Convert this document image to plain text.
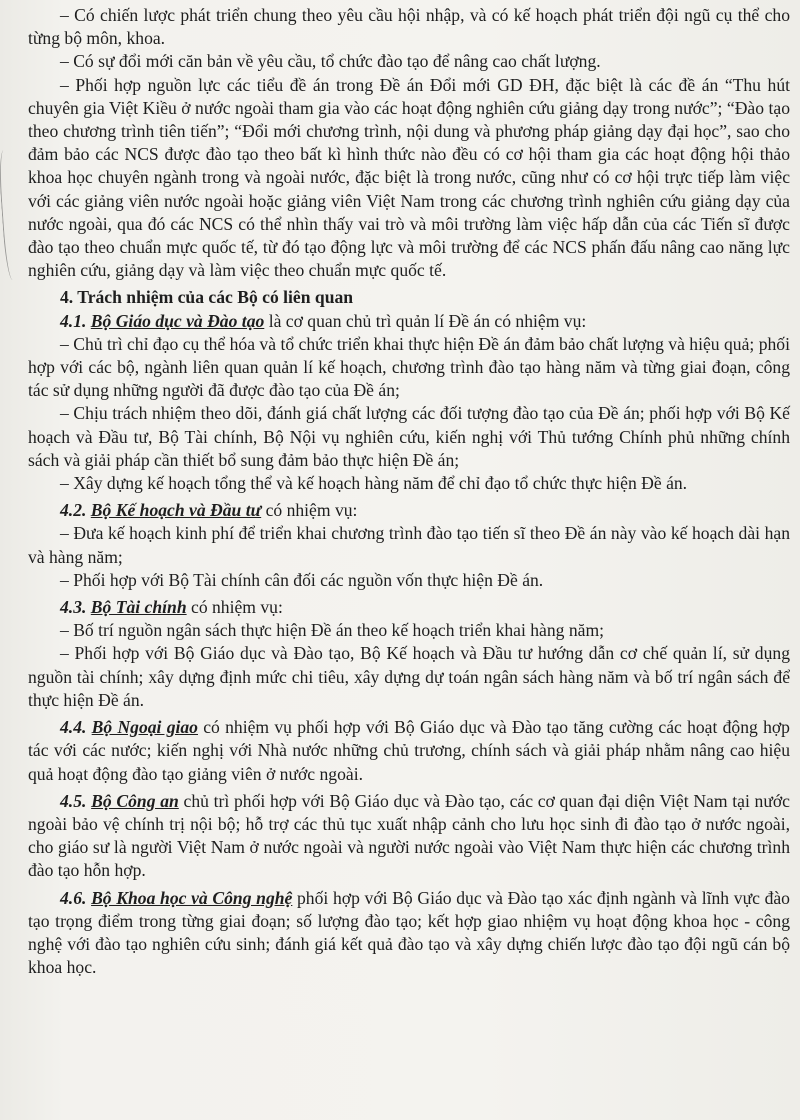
– Có chiến lược phát triển chung theo yêu cầu hội nhập, và có kế hoạch phát triển đội ngũ cụ thể cho từng bộ môn, khoa.

– Có sự đổi mới căn bản về yêu cầu, tổ chức đào tạo để nâng cao chất lượng.

– Phối hợp nguồn lực các tiểu đề án trong Đề án Đổi mới GD ĐH, đặc biệt là các đề án “Thu hút chuyên gia Việt Kiều ở nước ngoài tham gia vào các hoạt động nghiên cứu giảng dạy trong nước”; “Đào tạo theo chương trình tiên tiến”; “Đổi mới chương trình, nội dung và phương pháp giảng dạy đại học”, sao cho đảm bảo các NCS được đào tạo theo bất kì hình thức nào đều có cơ hội tham gia các hoạt động hội thảo khoa học chuyên ngành trong và ngoài nước, đặc biệt là trong nước, cũng như có cơ hội trực tiếp làm việc với các giảng viên nước ngoài hoặc giảng viên Việt Nam trong các chương trình nghiên cứu giảng dạy của nước ngoài, qua đó các NCS có thể nhìn thấy vai trò và môi trường làm việc hấp dẫn của các Tiến sĩ được đào tạo theo chuẩn mực quốc tế, từ đó tạo động lực và môi trường để các NCS phấn đấu nâng cao năng lực nghiên cứu, giảng dạy và làm việc theo chuẩn mực quốc tế.

4. Trách nhiệm của các Bộ có liên quan

4.1. Bộ Giáo dục và Đào tạo là cơ quan chủ trì quản lí Đề án có nhiệm vụ:

– Chủ trì chỉ đạo cụ thể hóa và tổ chức triển khai thực hiện Đề án đảm bảo chất lượng và hiệu quả; phối hợp với các bộ, ngành liên quan quản lí kế hoạch, chương trình đào tạo hàng năm và từng giai đoạn, công tác sử dụng những người đã được đào tạo của Đề án;

– Chịu trách nhiệm theo dõi, đánh giá chất lượng các đối tượng đào tạo của Đề án; phối hợp với Bộ Kế hoạch và Đầu tư, Bộ Tài chính, Bộ Nội vụ nghiên cứu, kiến nghị với Thủ tướng Chính phủ những chính sách và giải pháp cần thiết bổ sung đảm bảo thực hiện Đề án;

– Xây dựng kế hoạch tổng thể và kế hoạch hàng năm để chỉ đạo tổ chức thực hiện Đề án.

4.2. Bộ Kế hoạch và Đầu tư có nhiệm vụ:

– Đưa kế hoạch kinh phí để triển khai chương trình đào tạo tiến sĩ theo Đề án này vào kế hoạch dài hạn và hàng năm;

– Phối hợp với Bộ Tài chính cân đối các nguồn vốn thực hiện Đề án.

4.3. Bộ Tài chính có nhiệm vụ:

– Bố trí nguồn ngân sách thực hiện Đề án theo kế hoạch triển khai hàng năm;

– Phối hợp với Bộ Giáo dục và Đào tạo, Bộ Kế hoạch và Đầu tư hướng dẫn cơ chế quản lí, sử dụng nguồn tài chính; xây dựng định mức chi tiêu, xây dựng dự toán ngân sách hàng năm và bố trí ngân sách để thực hiện Đề án.

4.4. Bộ Ngoại giao có nhiệm vụ phối hợp với Bộ Giáo dục và Đào tạo tăng cường các hoạt động hợp tác với các nước; kiến nghị với Nhà nước những chủ trương, chính sách và giải pháp nhằm nâng cao hiệu quả hoạt động đào tạo giảng viên ở nước ngoài.

4.5. Bộ Công an chủ trì phối hợp với Bộ Giáo dục và Đào tạo, các cơ quan đại diện Việt Nam tại nước ngoài bảo vệ chính trị nội bộ; hỗ trợ các thủ tục xuất nhập cảnh cho lưu học sinh đi đào tạo ở nước ngoài, cho giáo sư là người Việt Nam ở nước ngoài và người nước ngoài vào Việt Nam thực hiện các chương trình đào tạo hỗn hợp.

4.6. Bộ Khoa học và Công nghệ phối hợp với Bộ Giáo dục và Đào tạo xác định ngành và lĩnh vực đào tạo trọng điểm trong từng giai đoạn; số lượng đào tạo; kết hợp giao nhiệm vụ hoạt động khoa học - công nghệ với đào tạo nghiên cứu sinh; đánh giá kết quả đào tạo và xây dựng chiến lược đào tạo đội ngũ cán bộ khoa học.
